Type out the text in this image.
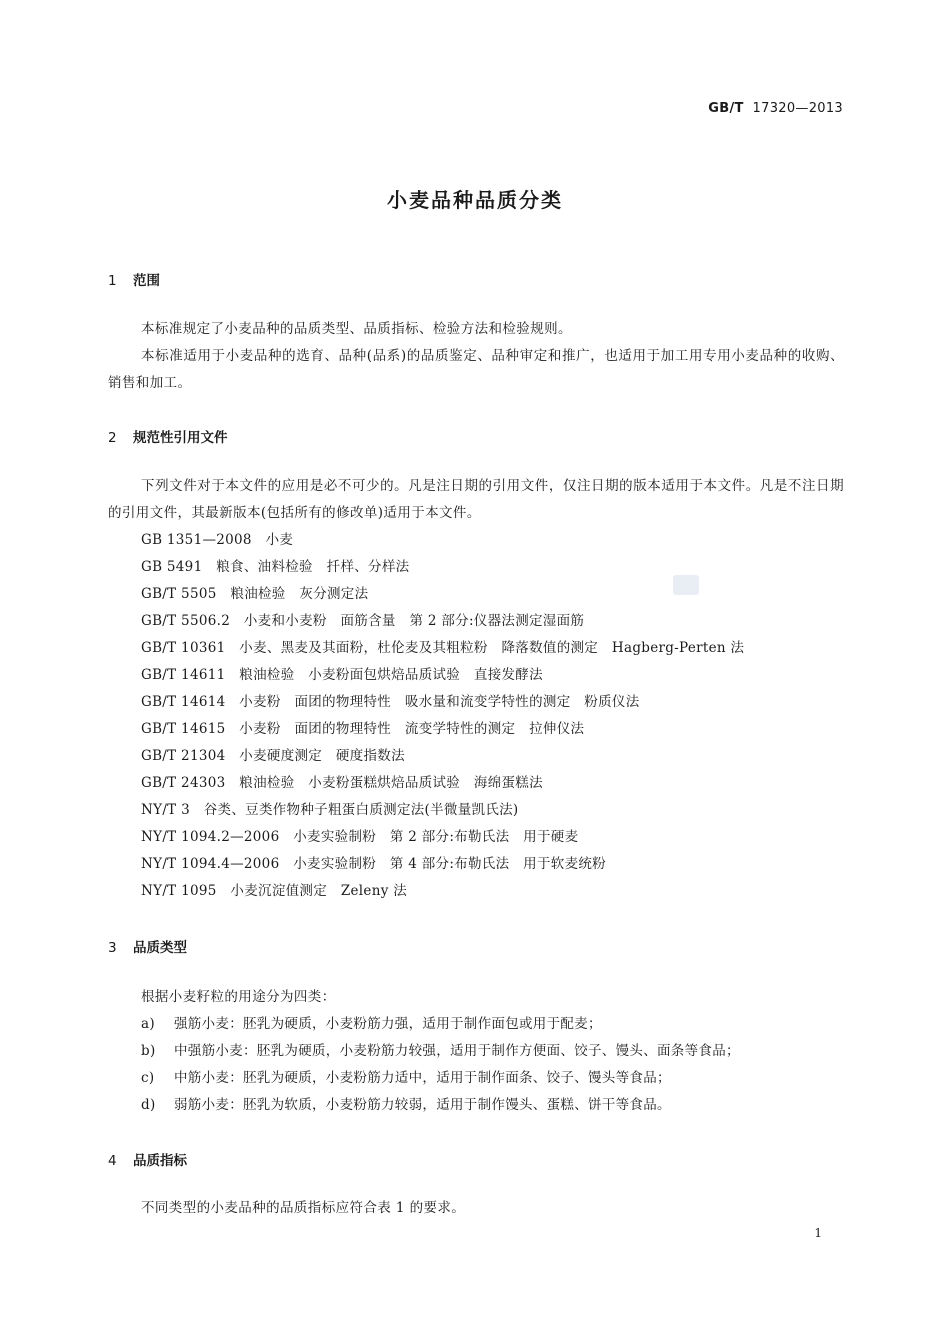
GB/T 17320—2013
小麦品种品质分类
1 范围

本标准规定了小麦品种的品质类型、品质指标、检验方法和检验规则。

本标准适用于小麦品种的选育、品种(品系)的品质鉴定、品种审定和推广，也适用于加工用专用小麦品种的收购、销售和加工。

2 规范性引用文件

下列文件对于本文件的应用是必不可少的。凡是注日期的引用文件，仅注日期的版本适用于本文件。凡是不注日期的引用文件，其最新版本(包括所有的修改单)适用于本文件。

GB 1351—2008　小麦
GB 5491　粮食、油料检验　扦样、分样法
GB/T 5505　粮油检验　灰分测定法
GB/T 5506.2　小麦和小麦粉　面筋含量　第 2 部分:仪器法测定湿面筋
GB/T 10361　小麦、黑麦及其面粉，杜伦麦及其粗粒粉　降落数值的测定　Hagberg-Perten 法
GB/T 14611　粮油检验　小麦粉面包烘焙品质试验　直接发酵法
GB/T 14614　小麦粉　面团的物理特性　吸水量和流变学特性的测定　粉质仪法
GB/T 14615　小麦粉　面团的物理特性　流变学特性的测定　拉伸仪法
GB/T 21304　小麦硬度测定　硬度指数法
GB/T 24303　粮油检验　小麦粉蛋糕烘焙品质试验　海绵蛋糕法
NY/T 3　谷类、豆类作物种子粗蛋白质测定法(半微量凯氏法)
NY/T 1094.2—2006　小麦实验制粉　第 2 部分:布勒氏法　用于硬麦
NY/T 1094.4—2006　小麦实验制粉　第 4 部分:布勒氏法　用于软麦统粉
NY/T 1095　小麦沉淀值测定　Zeleny 法
3 品质类型

根据小麦籽粒的用途分为四类：

a) 强筋小麦：胚乳为硬质，小麦粉筋力强，适用于制作面包或用于配麦；
b) 中强筋小麦：胚乳为硬质，小麦粉筋力较强，适用于制作方便面、饺子、馒头、面条等食品；
c) 中筋小麦：胚乳为硬质，小麦粉筋力适中，适用于制作面条、饺子、馒头等食品；
d) 弱筋小麦：胚乳为软质，小麦粉筋力较弱，适用于制作馒头、蛋糕、饼干等食品。
4 品质指标

不同类型的小麦品种的品质指标应符合表 1 的要求。

1
